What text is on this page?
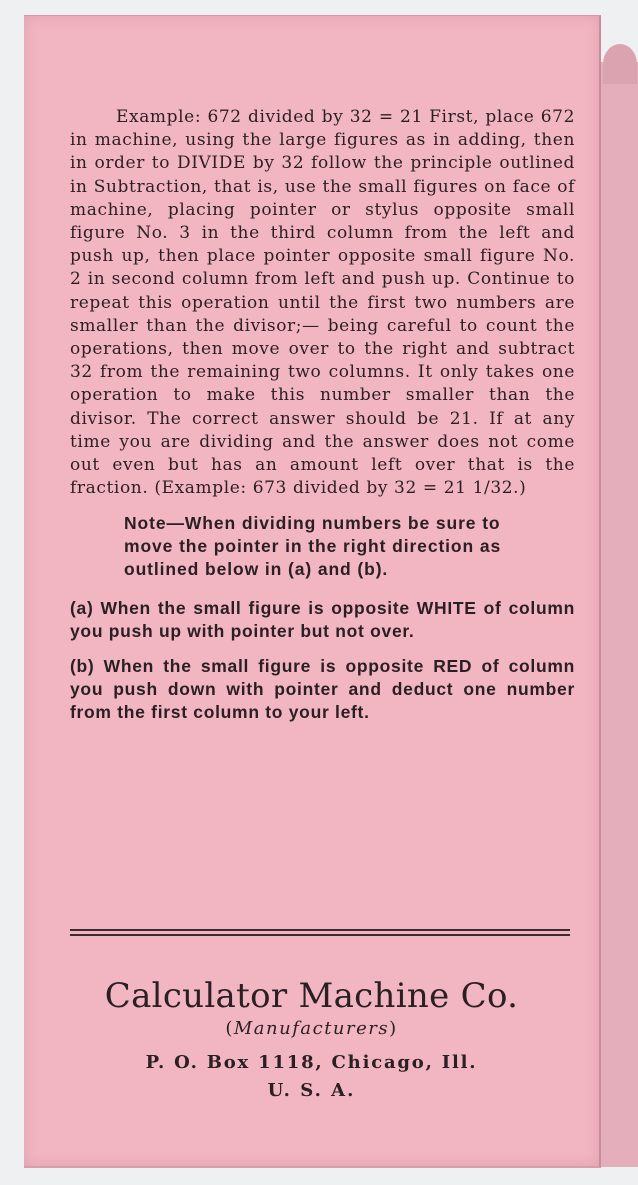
Example: 672 divided by 32 = 21 First, place 672 in machine, using the large figures as in adding, then in order to DIVIDE by 32 follow the principle outlined in Subtraction, that is, use the small figures on face of machine, placing pointer or stylus opposite small figure No. 3 in the third column from the left and push up, then place pointer opposite small figure No. 2 in second column from left and push up. Continue to repeat this operation until the first two numbers are smaller than the divisor;— being careful to count the operations, then move over to the right and subtract 32 from the remaining two columns. It only takes one operation to make this number smaller than the divisor. The correct answer should be 21. If at any time you are dividing and the answer does not come out even but has an amount left over that is the fraction. (Example: 673 divided by 32 = 21 1/32.)

Note—When dividing numbers be sure to move the pointer in the right direction as outlined below in (a) and (b).

(a) When the small figure is opposite WHITE of column you push up with pointer but not over.

(b) When the small figure is opposite RED of column you push down with pointer and deduct one number from the first column to your left.

Calculator Machine Co.
(Manufacturers)
P. O. Box 1118, Chicago, Ill.
U. S. A.
